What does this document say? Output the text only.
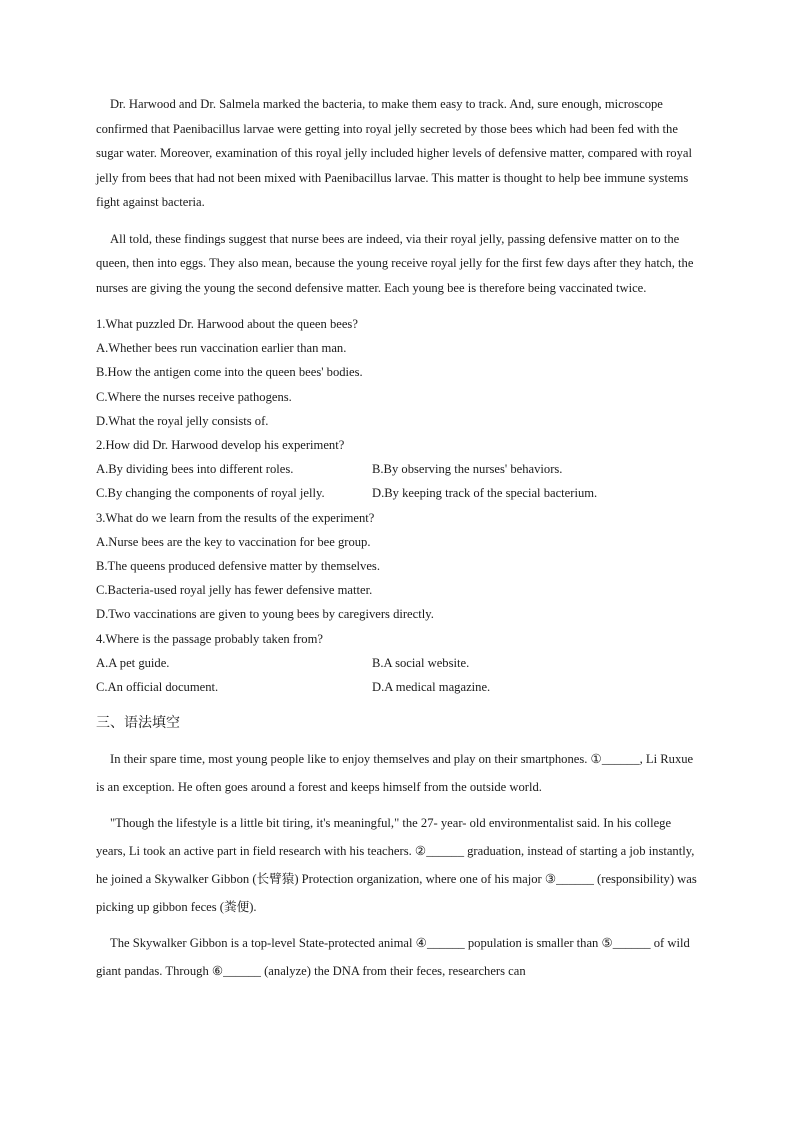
Dr. Harwood and Dr. Salmela marked the bacteria, to make them easy to track. And, sure enough, microscope confirmed that Paenibacillus larvae were getting into royal jelly secreted by those bees which had been fed with the sugar water. Moreover, examination of this royal jelly included higher levels of defensive matter, compared with royal jelly from bees that had not been mixed with Paenibacillus larvae. This matter is thought to help bee immune systems fight against bacteria.

All told, these findings suggest that nurse bees are indeed, via their royal jelly, passing defensive matter on to the queen, then into eggs. They also mean, because the young receive royal jelly for the first few days after they hatch, the nurses are giving the young the second defensive matter. Each young bee is therefore being vaccinated twice.

1.What puzzled Dr. Harwood about the queen bees?

A.Whether bees run vaccination earlier than man.

B.How the antigen come into the queen bees' bodies.

C.Where the nurses receive pathogens.

D.What the royal jelly consists of.

2.How did Dr. Harwood develop his experiment?

A.By dividing bees into different roles.	B.By observing the nurses' behaviors.
C.By changing the components of royal jelly.	D.By keeping track of the special bacterium.

3.What do we learn from the results of the experiment?

A.Nurse bees are the key to vaccination for bee group.

B.The queens produced defensive matter by themselves.

C.Bacteria-used royal jelly has fewer defensive matter.

D.Two vaccinations are given to young bees by caregivers directly.

4.Where is the passage probably taken from?

A.A pet guide.	B.A social website.
C.An official document.	D.A medical magazine.
三、语法填空

In their spare time, most young people like to enjoy themselves and play on their smartphones. ①______, Li Ruxue is an exception. He often goes around a forest and keeps himself from the outside world.

"Though the lifestyle is a little bit tiring, it's meaningful," the 27- year- old environmentalist said. In his college years, Li took an active part in field research with his teachers. ②______ graduation, instead of starting a job instantly, he joined a Skywalker Gibbon (长臂猿) Protection organization, where one of his major ③______ (responsibility) was picking up gibbon feces (粪便).

The Skywalker Gibbon is a top-level State-protected animal ④______ population is smaller than ⑤______ of wild giant pandas. Through ⑥______ (analyze) the DNA from their feces, researchers can
